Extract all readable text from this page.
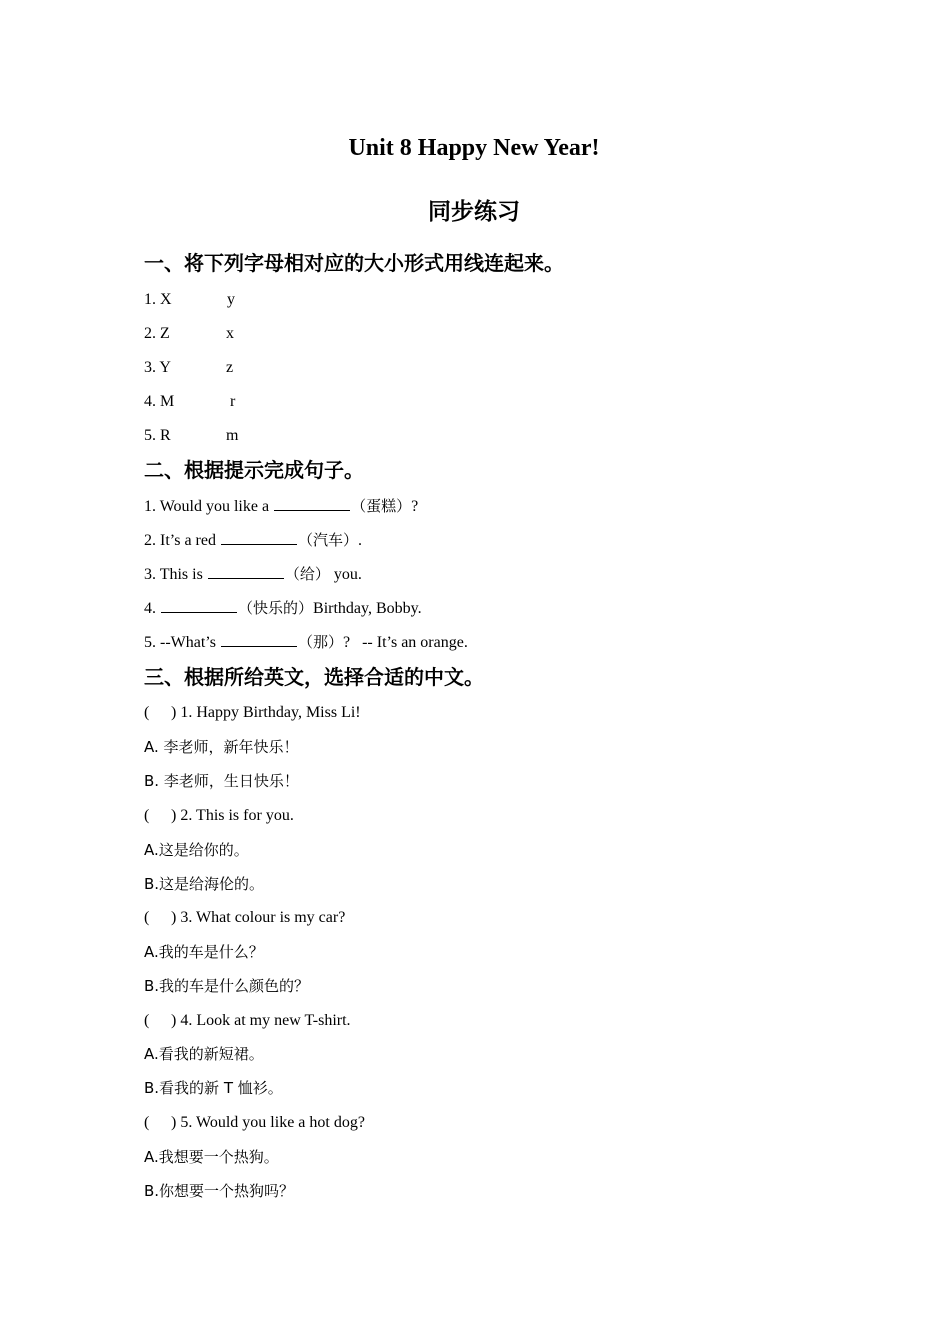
Unit 8 Happy New Year!
同步练习
一、将下列字母相对应的大小形式用线连起来。

1. X	y

2. Z	x

3. Y	z

4. M	r

5. R	m

二、根据提示完成句子。

1. Would you like a	（蛋糕）?

2. It’s a red	（汽车）.

3. This is	（给） you.

4.	（快乐的）Birthday, Bobby.

5. --What’s	（那）?   -- It’s an orange.

三、根据所给英文，选择合适的中文。

( ) 1. Happy Birthday, Miss Li!

A. 李老师，新年快乐！

B. 李老师，生日快乐！

( ) 2. This is for you.

A.这是给你的。

B.这是给海伦的。

( ) 3. What colour is my car?

A.我的车是什么？

B.我的车是什么颜色的？

( ) 4. Look at my new T-shirt.

A.看我的新短裙。

B.看我的新 T 恤衫。

( ) 5. Would you like a hot dog?

A.我想要一个热狗。

B.你想要一个热狗吗？
